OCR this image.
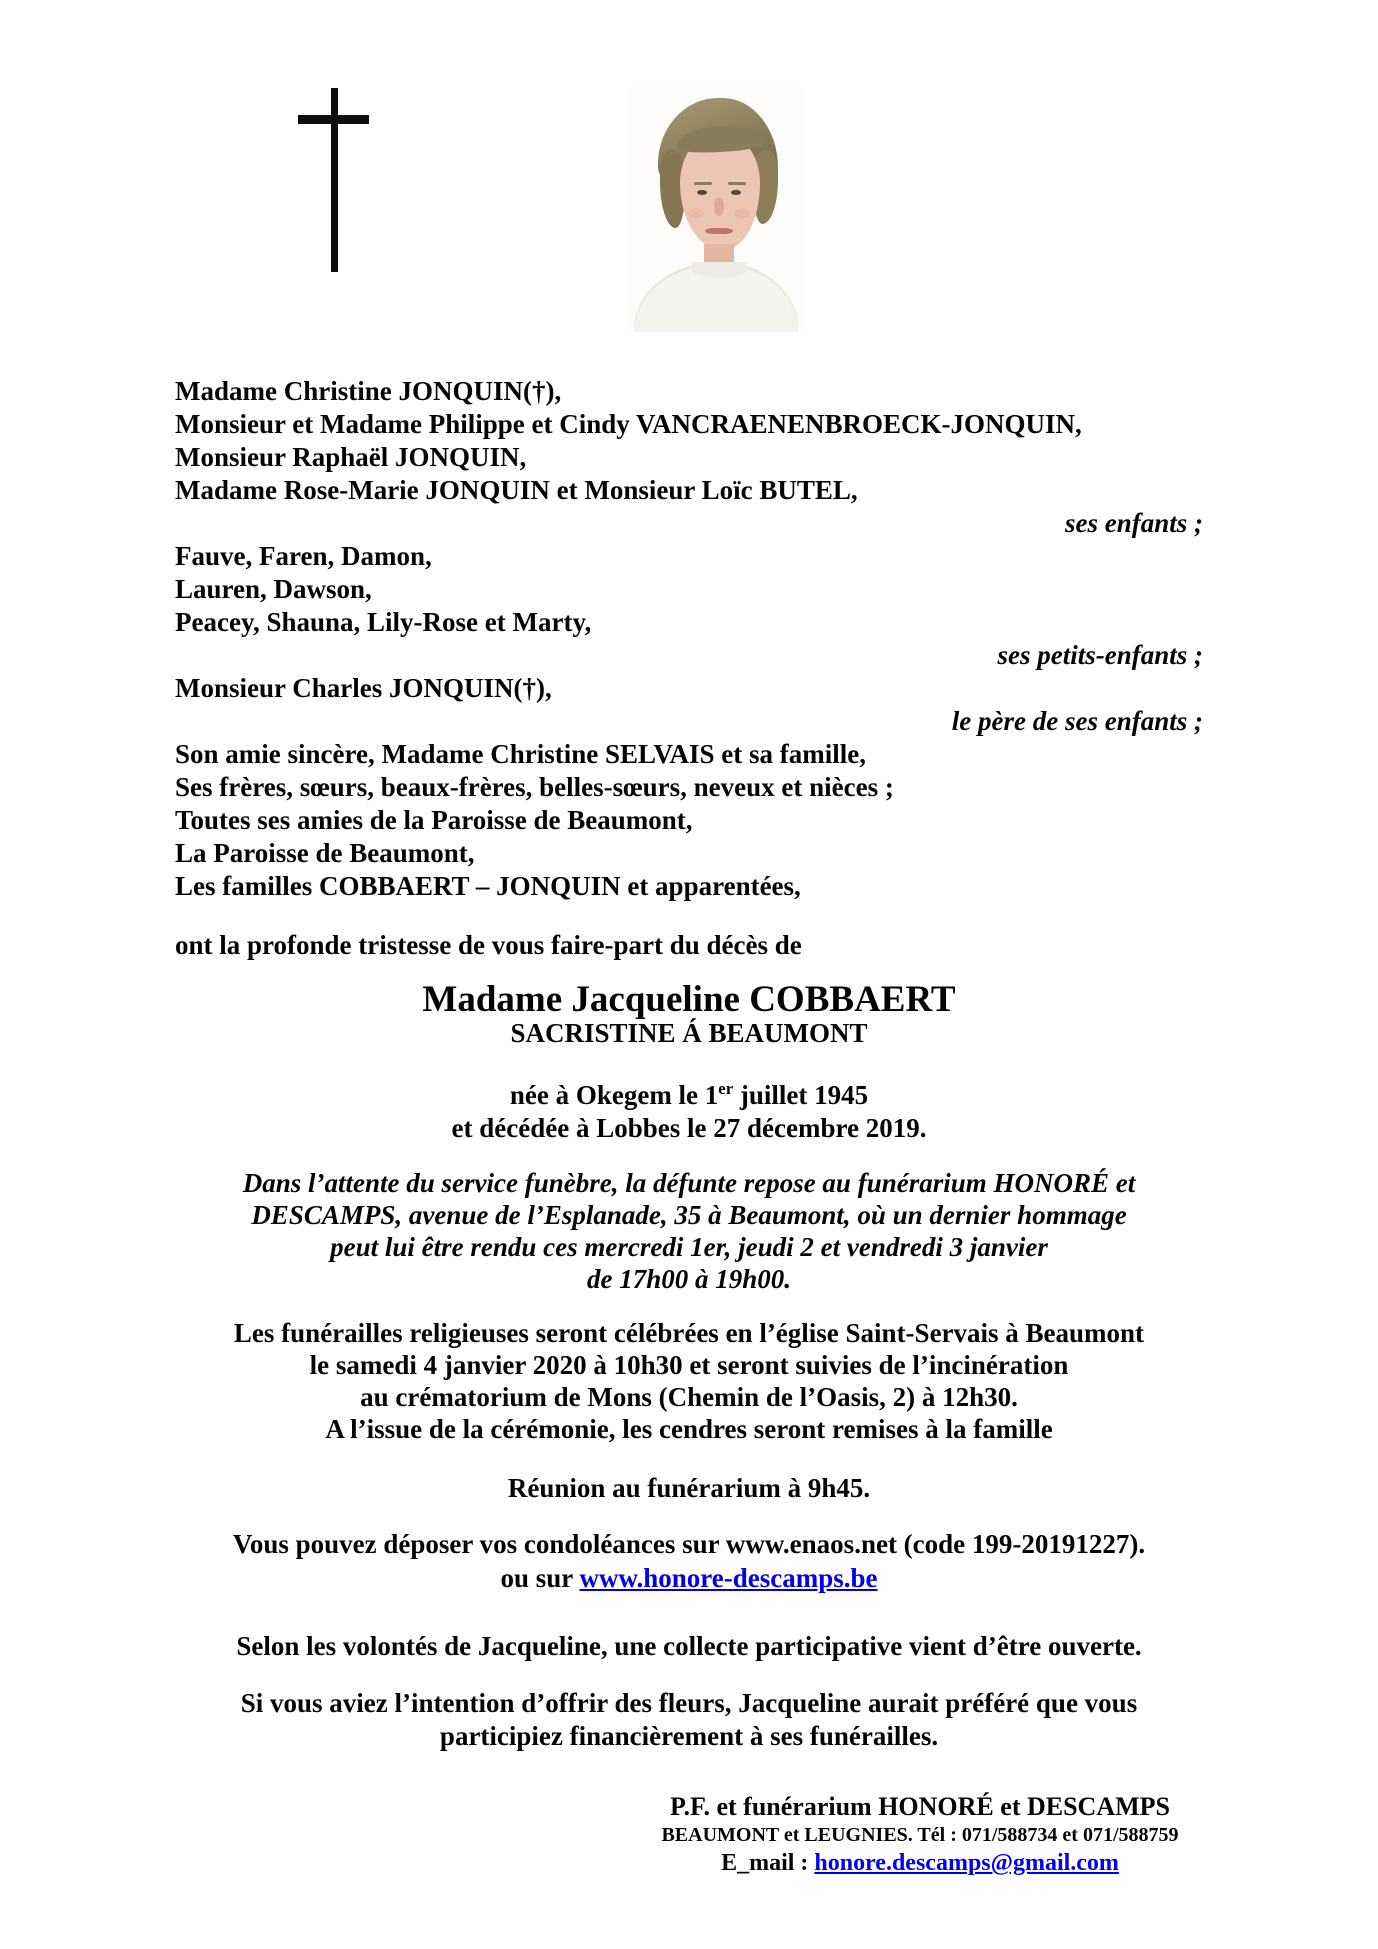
Madame Christine JONQUIN(†),
Monsieur et Madame Philippe et Cindy VANCRAENENBROECK-JONQUIN,
Monsieur Raphaël JONQUIN,
Madame Rose-Marie JONQUIN et Monsieur Loïc BUTEL,
ses enfants ;
Fauve, Faren, Damon,
Lauren, Dawson,
Peacey, Shauna, Lily-Rose et Marty,
ses petits-enfants ;
Monsieur Charles JONQUIN(†),
le père de ses enfants ;
Son amie sincère, Madame Christine SELVAIS et sa famille,
Ses frères, sœurs, beaux-frères, belles-sœurs, neveux et nièces ;
Toutes ses amies de la Paroisse de Beaumont,
La Paroisse de Beaumont,
Les familles COBBAERT – JONQUIN et apparentées,
ont la profonde tristesse de vous faire-part du décès de
Madame Jacqueline COBBAERT
SACRISTINE Á BEAUMONT
née à Okegem le 1er juillet 1945
et décédée à Lobbes le 27 décembre 2019.
Dans l’attente du service funèbre, la défunte repose au funérarium HONORÉ et
DESCAMPS, avenue de l’Esplanade, 35 à Beaumont, où un dernier hommage
peut lui être rendu ces mercredi 1er, jeudi 2 et vendredi 3 janvier
de 17h00 à 19h00.
Les funérailles religieuses seront célébrées en l’église Saint-Servais à Beaumont
le samedi 4 janvier 2020 à 10h30 et seront suivies de l’incinération
au crématorium de Mons (Chemin de l’Oasis, 2) à 12h30.
A l’issue de la cérémonie, les cendres seront remises à la famille
Réunion au funérarium à 9h45.
Vous pouvez déposer vos condoléances sur www.enaos.net (code 199-20191227).
ou sur www.honore-descamps.be
Selon les volontés de Jacqueline, une collecte participative vient d’être ouverte.
Si vous aviez l’intention d’offrir des fleurs, Jacqueline aurait préféré que vous
participiez financièrement à ses funérailles.
P.F. et funérarium HONORÉ et DESCAMPS
BEAUMONT et LEUGNIES. Tél : 071/588734 et 071/588759
E_mail : honore.descamps@gmail.com
